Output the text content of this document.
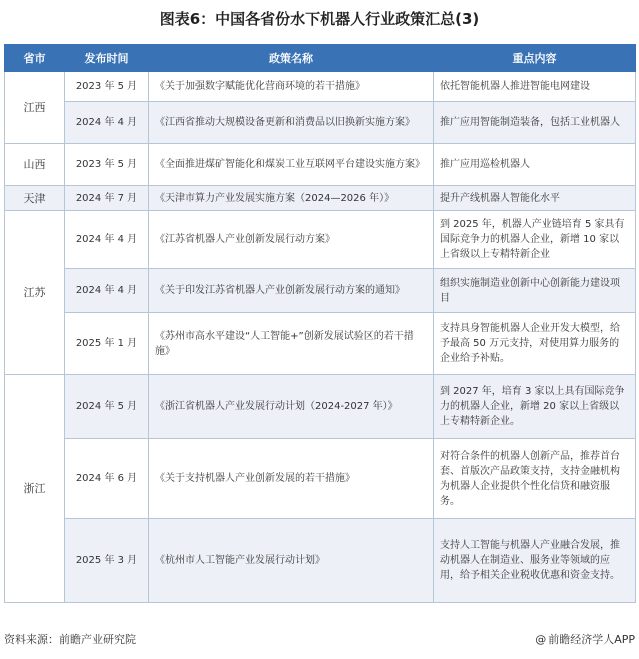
图表6：中国各省份水下机器人行业政策汇总(3)
省市	发布时间	政策名称	重点内容
江西	2023 年 5 月	《关于加强数字赋能优化营商环境的若干措施》	依托智能机器人推进智能电网建设
	2024 年 4 月	《江西省推动大规模设备更新和消费品以旧换新实施方案》	推广应用智能制造装备，包括工业机器人
山西	2023 年 5 月	《全面推进煤矿智能化和煤炭工业互联网平台建设实施方案》	推广应用巡检机器人
天津	2024 年 7 月	《天津市算力产业发展实施方案（2024—2026 年）》	提升产线机器人智能化水平
江苏	2024 年 4 月	《江苏省机器人产业创新发展行动方案》	到 2025 年，机器人产业链培育 5 家具有国际竞争力的机器人企业，新增 10 家以上省级以上专精特新企业
	2024 年 4 月	《关于印发江苏省机器人产业创新发展行动方案的通知》	组织实施制造业创新中心创新能力建设项目
	2025 年 1 月	《苏州市高水平建设“人工智能+”创新发展试验区的若干措施》	支持具身智能机器人企业开发大模型，给予最高 50 万元支持，对使用算力服务的企业给予补贴。
浙江	2024 年 5 月	《浙江省机器人产业发展行动计划（2024-2027 年）》	到 2027 年，培育 3 家以上具有国际竞争力的机器人企业，新增 20 家以上省级以上专精特新企业。
	2024 年 6 月	《关于支持机器人产业创新发展的若干措施》	对符合条件的机器人创新产品，推荐首台套、首版次产品政策支持，支持金融机构为机器人企业提供个性化信贷和融资服务。
	2025 年 3 月	《杭州市人工智能产业发展行动计划》	支持人工智能与机器人产业融合发展，推动机器人在制造业、服务业等领域的应用，给予相关企业税收优惠和资金支持。
资料来源：前瞻产业研究院	@ 前瞻经济学人APP
